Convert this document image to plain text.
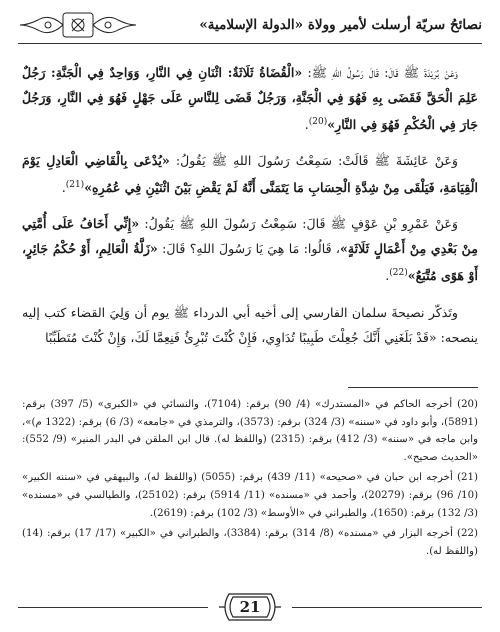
نصائحُ سريّة أرسلت لأمير وولاة «الدولة الإسلامية»

وَعَنْ بُرَيْدَةَ ﷺ قَالَ: قَالَ رَسُولُ اللهِ ﷺ: «الْقُضَاةُ ثَلَاثَةٌ: اثْنَانِ فِي النَّارِ، وَوَاحِدٌ فِي الْجَنَّةِ: رَجُلٌ عَلِمَ الْحَقَّ فَقَضَى بِهِ فَهُوَ فِي الْجَنَّةِ، وَرَجُلٌ قَضَى لِلنَّاسِ عَلَى جَهْلٍ فَهُوَ فِي النَّارِ، وَرَجُلٌ جَارَ فِي الْحُكْمِ فَهُوَ فِي النَّارِ»$^{(20)}$.

وَعَنْ عَائِشَةَ ﷺ قَالَتْ: سَمِعْتُ رَسُولَ اللهِ ﷺ يَقُولُ: «يُدْعَى بِالْقَاضِي الْعَادِلِ يَوْمَ الْقِيَامَةِ، فَيَلْقَى مِنْ شِدَّةِ الْحِسَابِ مَا يَتَمَنَّى أَنَّهُ لَمْ يَقْضِ بَيْنَ اثْنَيْنِ فِي عُمُرِهِ»$^{(21)}$.

وَعَنْ عَمْرِو بْنِ عَوْفٍ ﷺ قَالَ: سَمِعْتُ رَسُولَ اللهِ ﷺ يَقُولُ: «إِنِّي أَخَافُ عَلَى أُمَّتِي مِنْ بَعْدِي مِنْ أَعْمَالٍ ثَلَاثَةٍ»، قَالُوا: مَا هِيَ يَا رَسُولَ اللهِ؟ قَالَ: «زَلَّةُ الْعَالِمِ، أَوْ حُكْمُ جَائِرٍ، أَوْ هَوًى مُتَّبَعٌ»$^{(22)}$.

وتَذكّر نصيحةَ سلمان الفارسي إلى أخيه أبي الدرداء ﷺ يوم أن وَلِيَ القضاء كتب إليه ينصحه: «قَدْ بَلَغَنِي أَنَّكَ جُعِلْتَ طَبِيبًا تُدَاوِي، فَإِنْ كُنْتَ تُبْرِئُ فَنِعِمَّا لَكَ، وَإِنْ كُنْتَ مُتَطَبِّبًا

(20) أخرجه الحاكم في «المستدرك» (4/ 90) برقم: (7104)، والنسائي في «الكبرى» (5/ 397) برقم: (5891)، وأبو داود في «سننه» (3/ 324) برقم: (3573)، والترمذي في «جامعه» (3/ 6) برقم: (1322 م)»، وابن ماجه في «سننه» (3/ 412) برقم: (2315) (واللفظ له). قال ابن الملقن في البدر المنير» (9/ 552): «الحديث صحيح».

(21) أخرجه ابن حبان في «صحيحه» (11/ 439) برقم: (5055) (واللفظ له)، والبيهقي في «سننه الكبير» (10/ 96) برقم: (20279)، وأحمد في «مسنده» (11/ 5914) برقم: (25102)، والطيالسي في «مسنده» (3/ 132) برقم: (1650)، والطبراني في «الأوسط» (3/ 102) برقم: (2619).

(22) أخرجه البزار في «مسنده» (8/ 314) برقم: (3384)، والطبراني في «الكبير» (17/ 17) برقم: (14) (واللفظ له).

21
